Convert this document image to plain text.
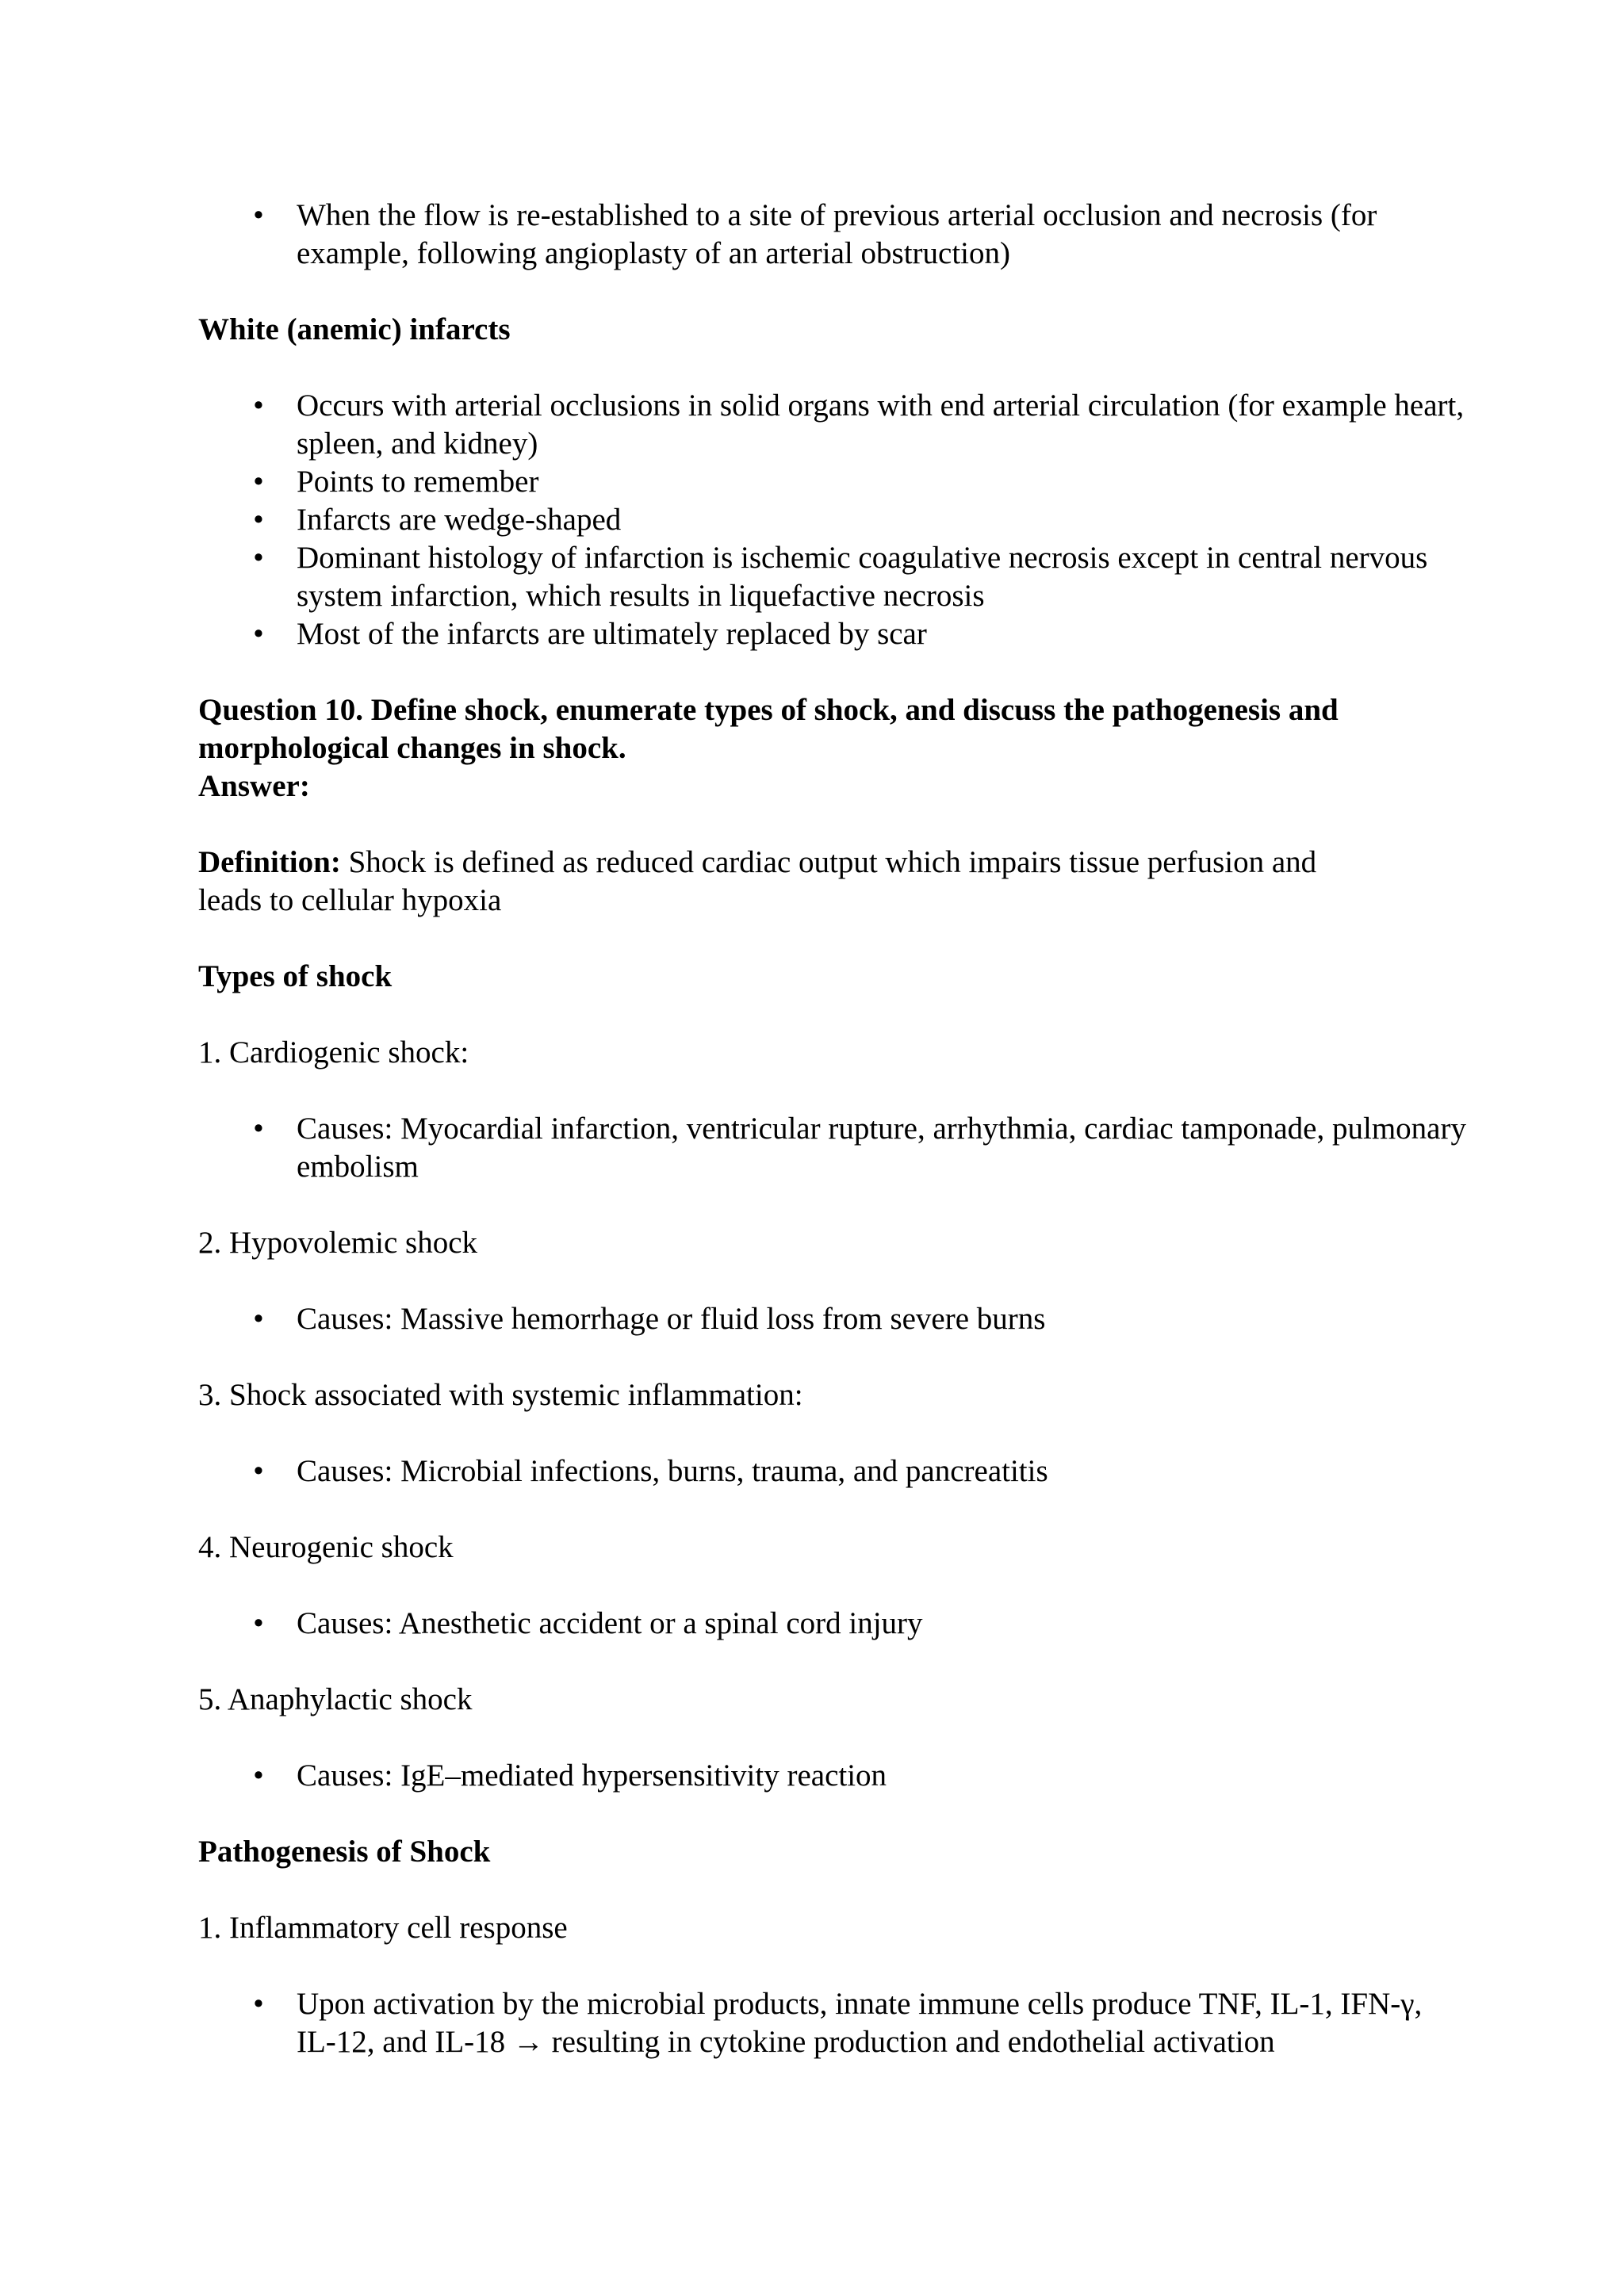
• When the flow is re-established to a site of previous arterial occlusion and necrosis (for example, following angioplasty of an arterial obstruction)

White (anemic) infarcts

• Occurs with arterial occlusions in solid organs with end arterial circulation (for example heart, spleen, and kidney)
• Points to remember
• Infarcts are wedge-shaped
• Dominant histology of infarction is ischemic coagulative necrosis except in central nervous system infarction, which results in liquefactive necrosis
• Most of the infarcts are ultimately replaced by scar

Question 10. Define shock, enumerate types of shock, and discuss the pathogenesis and morphological changes in shock.

Answer:

Definition: Shock is defined as reduced cardiac output which impairs tissue perfusion and leads to cellular hypoxia

Types of shock

1. Cardiogenic shock:

• Causes: Myocardial infarction, ventricular rupture, arrhythmia, cardiac tamponade, pulmonary embolism

2. Hypovolemic shock

• Causes: Massive hemorrhage or fluid loss from severe burns

3. Shock associated with systemic inflammation:

• Causes: Microbial infections, burns, trauma, and pancreatitis

4. Neurogenic shock

• Causes: Anesthetic accident or a spinal cord injury

5. Anaphylactic shock

• Causes: IgE–mediated hypersensitivity reaction

Pathogenesis of Shock

1. Inflammatory cell response

• Upon activation by the microbial products, innate immune cells produce TNF, IL-1, IFN-γ, IL-12, and IL-18 → resulting in cytokine production and endothelial activation
